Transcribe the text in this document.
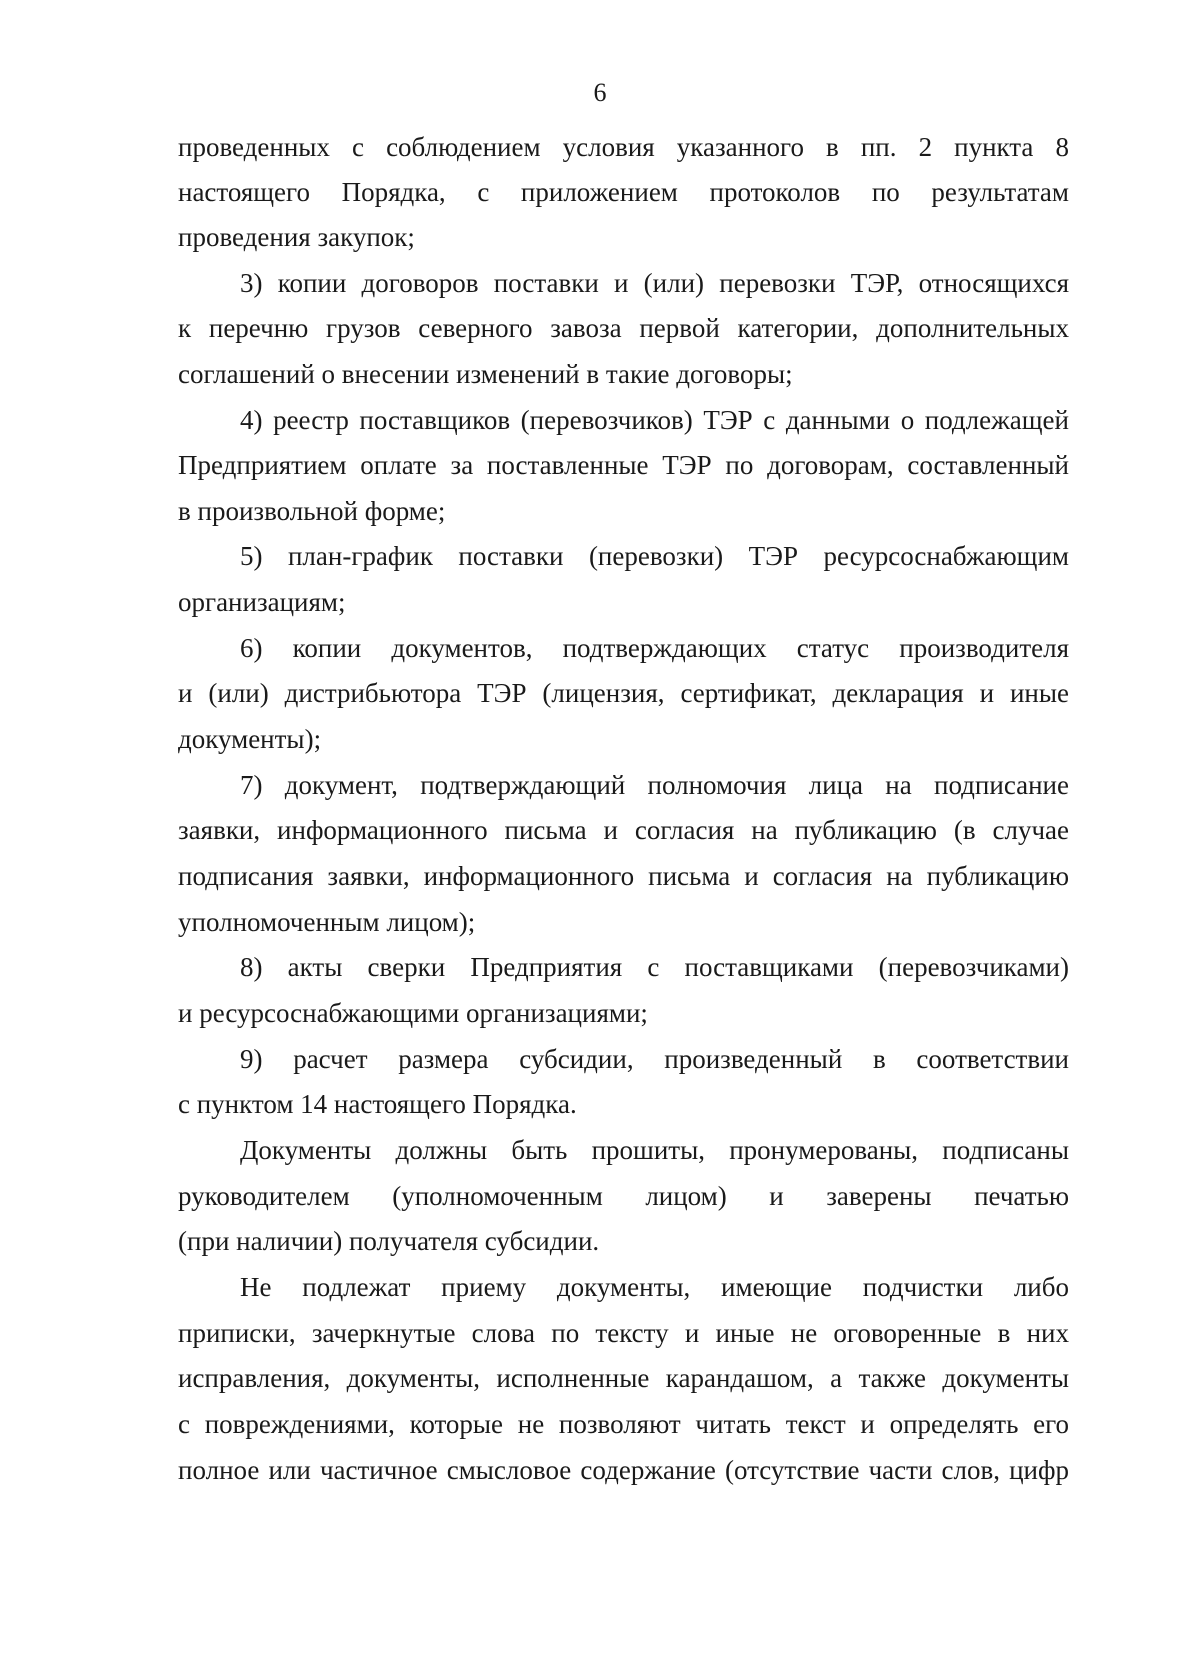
6
проведенных с соблюдением условия указанного в пп. 2 пункта 8
настоящего Порядка, с приложением протоколов по результатам
проведения закупок;
3) копии договоров поставки и (или) перевозки ТЭР, относящихся
к перечню грузов северного завоза первой категории, дополнительных
соглашений о внесении изменений в такие договоры;
4) реестр поставщиков (перевозчиков) ТЭР с данными о подлежащей
Предприятием оплате за поставленные ТЭР по договорам, составленный
в произвольной форме;
5) план-график поставки (перевозки) ТЭР ресурсоснабжающим
организациям;
6) копии документов, подтверждающих статус производителя
и (или) дистрибьютора ТЭР (лицензия, сертификат, декларация и иные
документы);
7) документ, подтверждающий полномочия лица на подписание
заявки, информационного письма и согласия на публикацию (в случае
подписания заявки, информационного письма и согласия на публикацию
уполномоченным лицом);
8) акты сверки Предприятия с поставщиками (перевозчиками)
и ресурсоснабжающими организациями;
9) расчет размера субсидии, произведенный в соответствии
с пунктом 14 настоящего Порядка.
Документы должны быть прошиты, пронумерованы, подписаны
руководителем (уполномоченным лицом) и заверены печатью
(при наличии) получателя субсидии.
Не подлежат приему документы, имеющие подчистки либо
приписки, зачеркнутые слова по тексту и иные не оговоренные в них
исправления, документы, исполненные карандашом, а также документы
с повреждениями, которые не позволяют читать текст и определять его
полное или частичное смысловое содержание (отсутствие части слов, цифр
